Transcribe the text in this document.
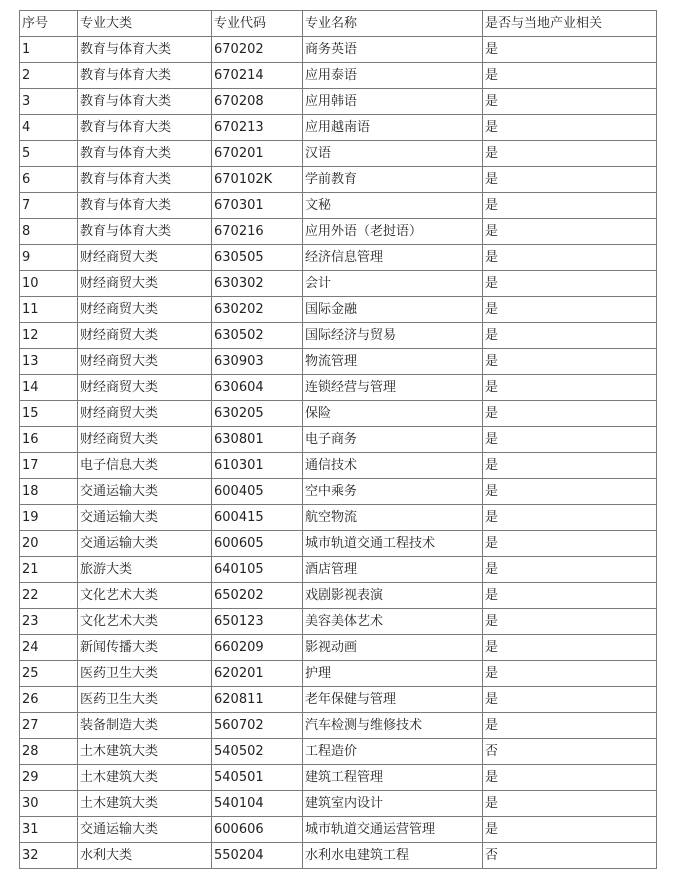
序号	专业大类	专业代码	专业名称	是否与当地产业相关
1	教育与体育大类	670202	商务英语	是
2	教育与体育大类	670214	应用泰语	是
3	教育与体育大类	670208	应用韩语	是
4	教育与体育大类	670213	应用越南语	是
5	教育与体育大类	670201	汉语	是
6	教育与体育大类	670102K	学前教育	是
7	教育与体育大类	670301	文秘	是
8	教育与体育大类	670216	应用外语（老挝语）	是
9	财经商贸大类	630505	经济信息管理	是
10	财经商贸大类	630302	会计	是
11	财经商贸大类	630202	国际金融	是
12	财经商贸大类	630502	国际经济与贸易	是
13	财经商贸大类	630903	物流管理	是
14	财经商贸大类	630604	连锁经营与管理	是
15	财经商贸大类	630205	保险	是
16	财经商贸大类	630801	电子商务	是
17	电子信息大类	610301	通信技术	是
18	交通运输大类	600405	空中乘务	是
19	交通运输大类	600415	航空物流	是
20	交通运输大类	600605	城市轨道交通工程技术	是
21	旅游大类	640105	酒店管理	是
22	文化艺术大类	650202	戏剧影视表演	是
23	文化艺术大类	650123	美容美体艺术	是
24	新闻传播大类	660209	影视动画	是
25	医药卫生大类	620201	护理	是
26	医药卫生大类	620811	老年保健与管理	是
27	装备制造大类	560702	汽车检测与维修技术	是
28	土木建筑大类	540502	工程造价	否
29	土木建筑大类	540501	建筑工程管理	是
30	土木建筑大类	540104	建筑室内设计	是
31	交通运输大类	600606	城市轨道交通运营管理	是
32	水利大类	550204	水利水电建筑工程	否
